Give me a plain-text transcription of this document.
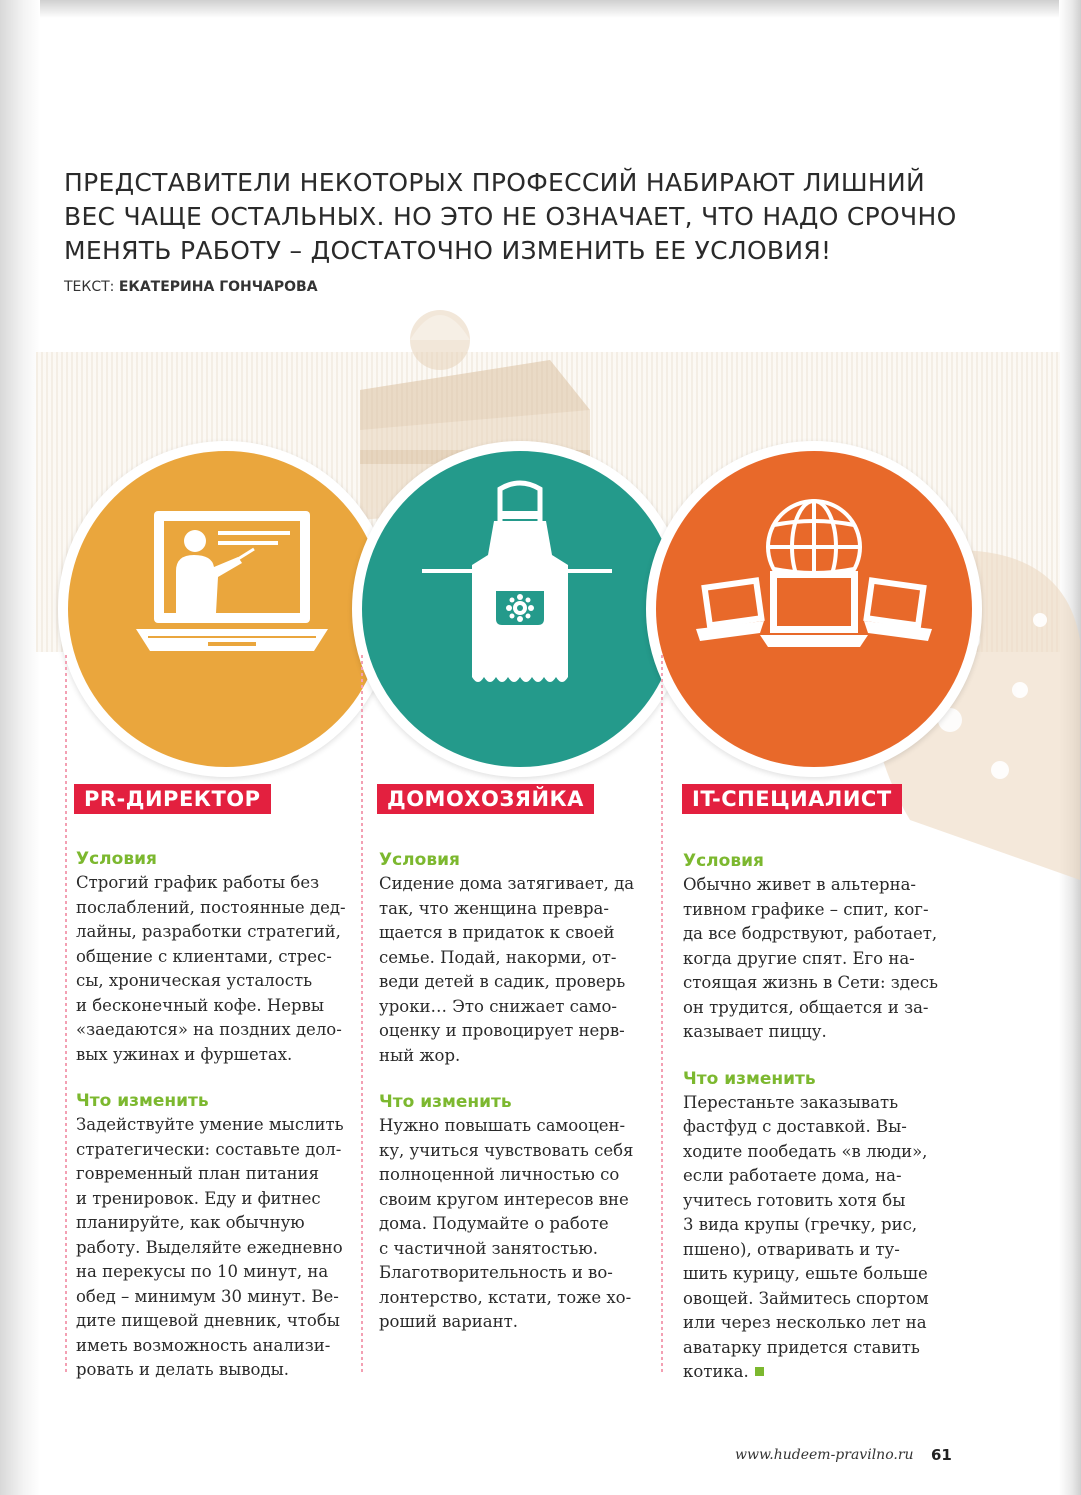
ПРЕДСТАВИТЕЛИ НЕКОТОРЫХ ПРОФЕССИЙ НАБИРАЮТ ЛИШНИЙ
ВЕС ЧАЩЕ ОСТАЛЬНЫХ. НО ЭТО НЕ ОЗНАЧАЕТ, ЧТО НАДО СРОЧНО
МЕНЯТЬ РАБОТУ – ДОСТАТОЧНО ИЗМЕНИТЬ ЕЕ УСЛОВИЯ!
ТЕКСТ: ЕКАТЕРИНА ГОНЧАРОВА
PR-ДИРЕКТОР	ДОМОХОЗЯЙКА	IT-СПЕЦИАЛИСТ

Условия

Строгий график работы без
послаблений, постоянные дед-
лайны, разработки стратегий,
общение с клиентами, стрес-
сы, хроническая усталость
и бесконечный кофе. Нервы
«заедаются» на поздних дело-
вых ужинах и фуршетах.

Что изменить

Задействуйте умение мыслить
стратегически: составьте дол-
говременный план питания
и тренировок. Еду и фитнес
планируйте, как обычную
работу. Выделяйте ежедневно
на перекусы по 10 минут, на
обед – минимум 30 минут. Ве-
дите пищевой дневник, чтобы
иметь возможность анализи-
ровать и делать выводы.

Условия

Сидение дома затягивает, да
так, что женщина превра-
щается в придаток к своей
семье. Подай, накорми, от-
веди детей в садик, проверь
уроки… Это снижает само-
оценку и провоцирует нерв-
ный жор.

Что изменить

Нужно повышать самооцен-
ку, учиться чувствовать себя
полноценной личностью со
своим кругом интересов вне
дома. Подумайте о работе
с частичной занятостью.
Благотворительность и во-
лонтерство, кстати, тоже хо-
роший вариант.

Условия

Обычно живет в альтерна-
тивном графике – спит, ког-
да все бодрствуют, работает,
когда другие спят. Его на-
стоящая жизнь в Сети: здесь
он трудится, общается и за-
казывает пиццу.

Что изменить

Перестаньте заказывать
фастфуд с доставкой. Вы-
ходите пообедать «в люди»,
если работаете дома, на-
учитесь готовить хотя бы
3 вида крупы (гречку, рис,
пшено), отваривать и ту-
шить курицу, ешьте больше
овощей. Займитесь спортом
или через несколько лет на
аватарку придется ставить
котика.

www.hudeem-pravilno.ru 61
